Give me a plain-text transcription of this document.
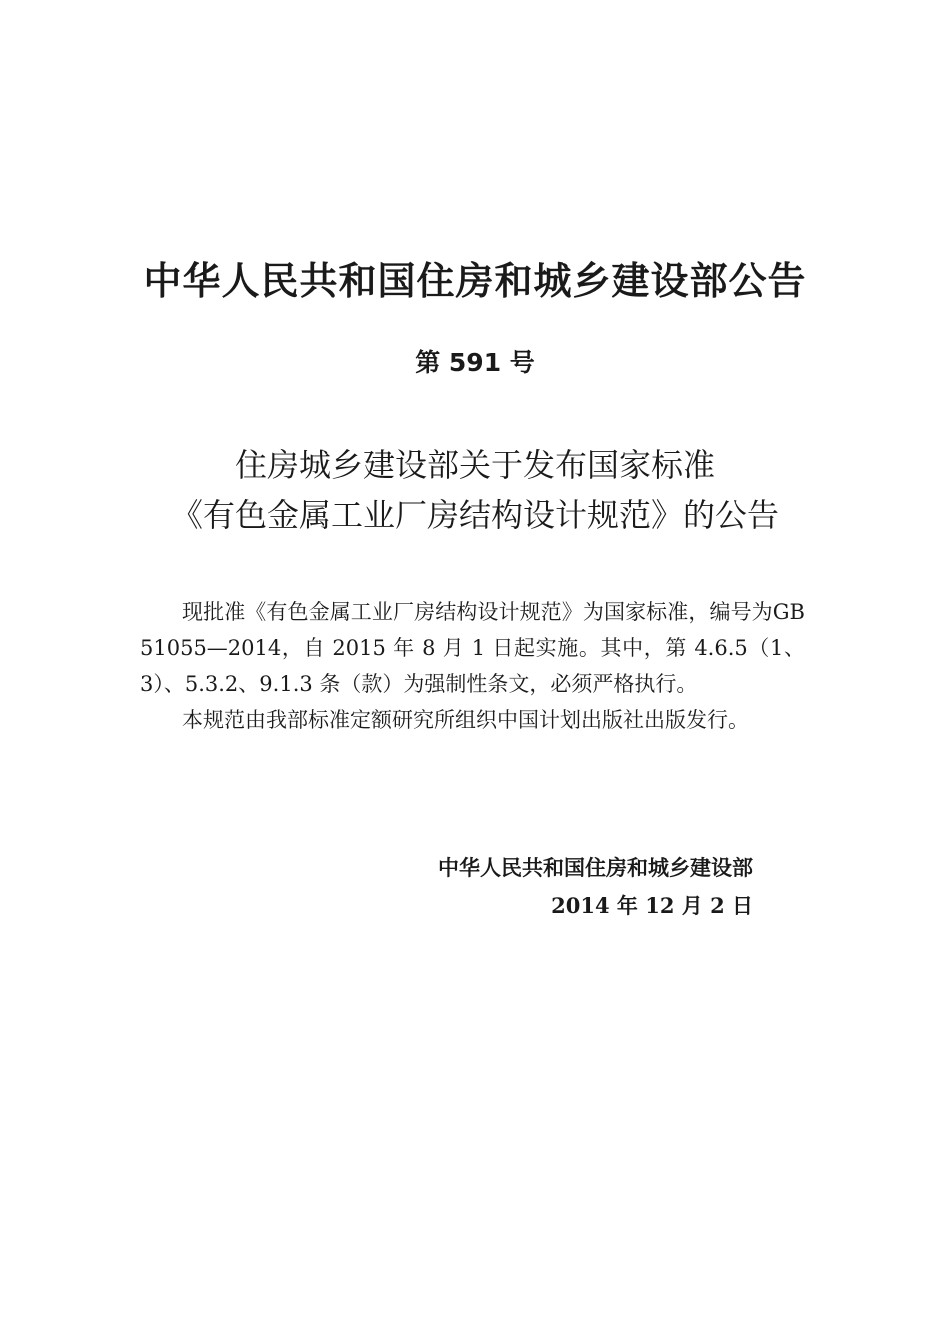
中华人民共和国住房和城乡建设部公告
第 591 号
住房城乡建设部关于发布国家标准
《有色金属工业厂房结构设计规范》的公告

现批准《有色金属工业厂房结构设计规范》为国家标准，编号为GB 51055—2014，自 2015 年 8 月 1 日起实施。其中，第 4.6.5（1、3）、5.3.2、9.1.3 条（款）为强制性条文，必须严格执行。

本规范由我部标准定额研究所组织中国计划出版社出版发行。

中华人民共和国住房和城乡建设部
2014 年 12 月 2 日
